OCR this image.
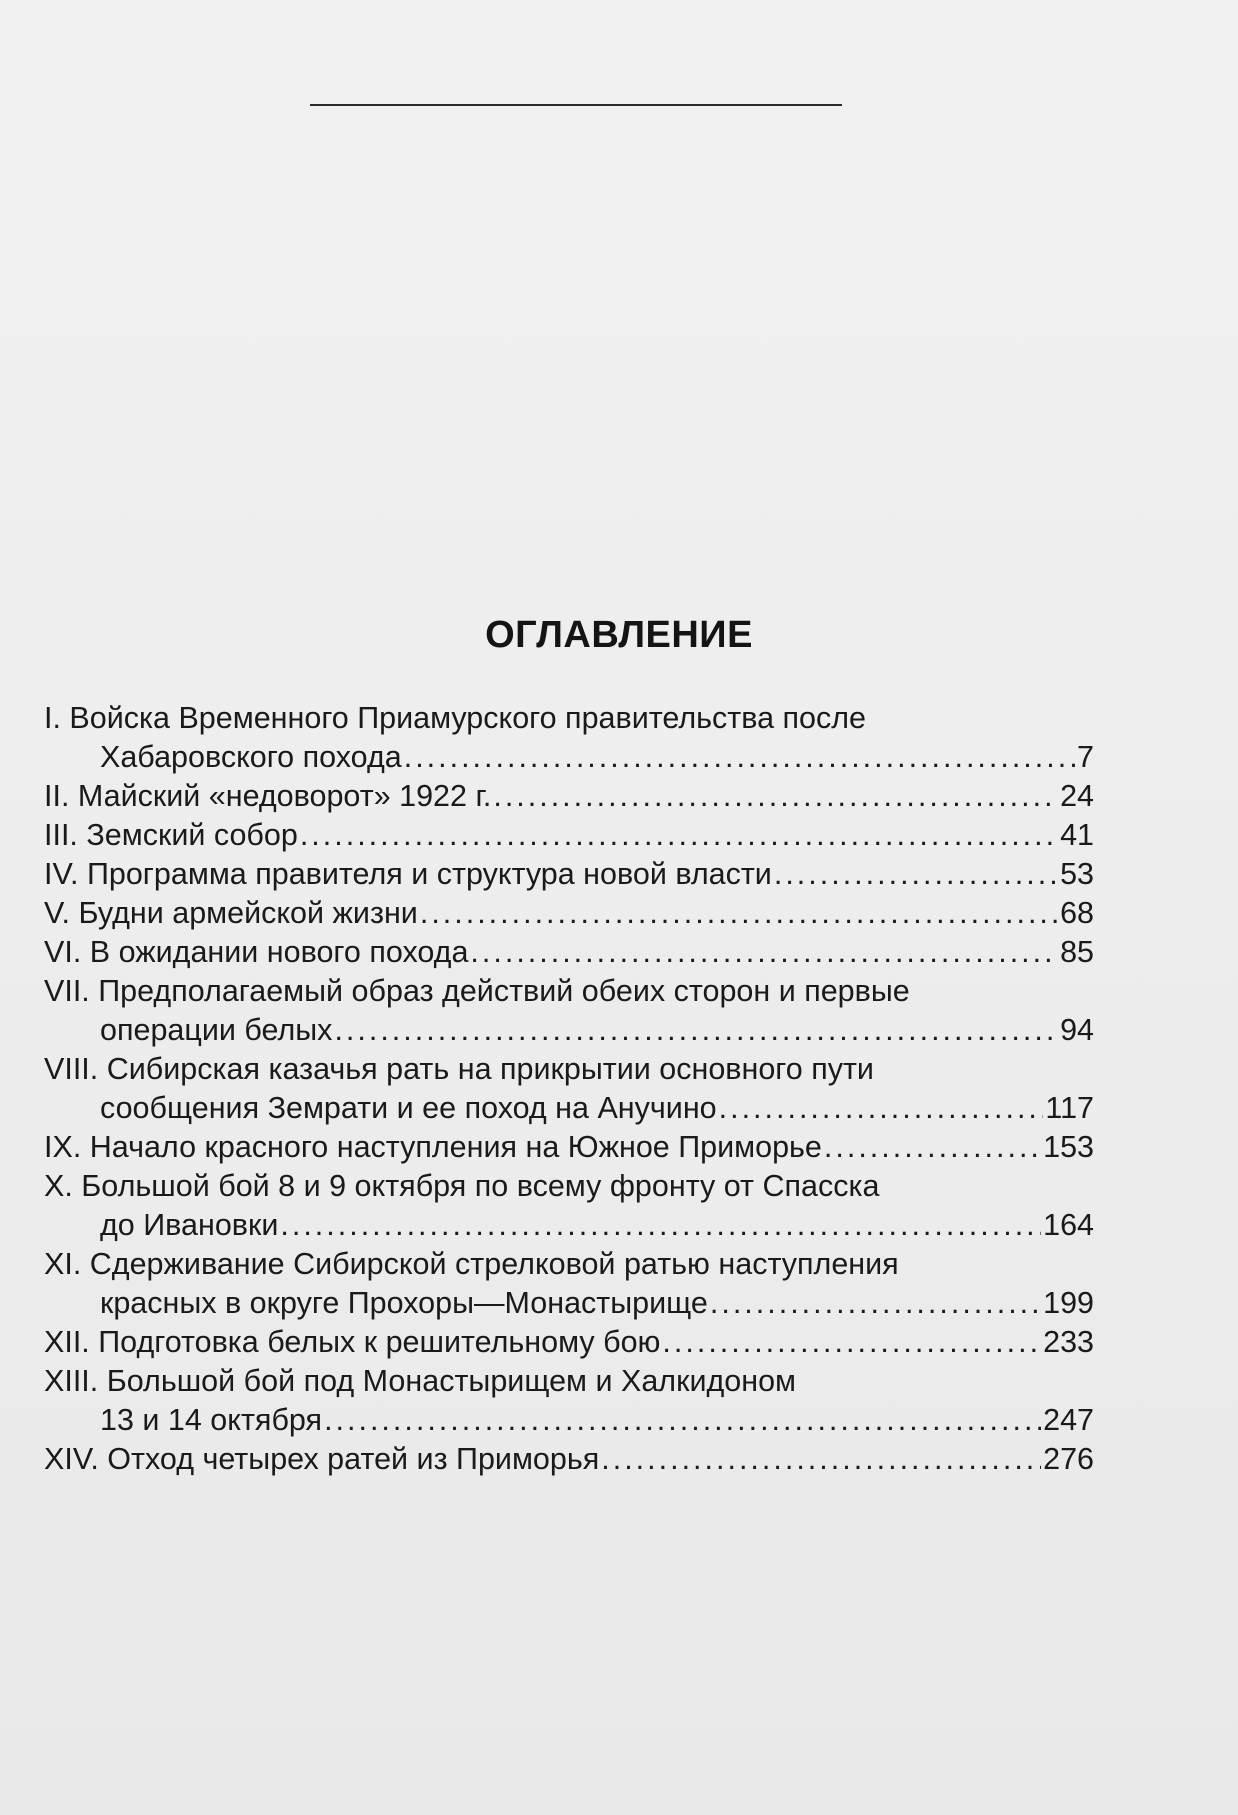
ОГЛАВЛЕНИЕ
I. Войска Временного Приамурского правительства после
Хабаровского похода .....	7
II. Майский «недоворот» 1922 г. .....	24
III. Земский собор .....	41
IV. Программа правителя и структура новой власти .....	53
V. Будни армейской жизни .....	68
VI. В ожидании нового похода .....	85
VII. Предполагаемый образ действий обеих сторон и первые
операции белых .....	94
VIII. Сибирская казачья рать на прикрытии основного пути
сообщения Земрати и ее поход на Анучино .....	117
IX. Начало красного наступления на Южное Приморье .....	153
X. Большой бой 8 и 9 октября по всему фронту от Спасска
до Ивановки .....	164
XI. Сдерживание Сибирской стрелковой ратью наступления
красных в округе Прохоры—Монастырище .....	199
XII. Подготовка белых к решительному бою .....	233
XIII. Большой бой под Монастырищем и Халкидоном
13 и 14 октября .....	247
XIV. Отход четырех ратей из Приморья .....	276
